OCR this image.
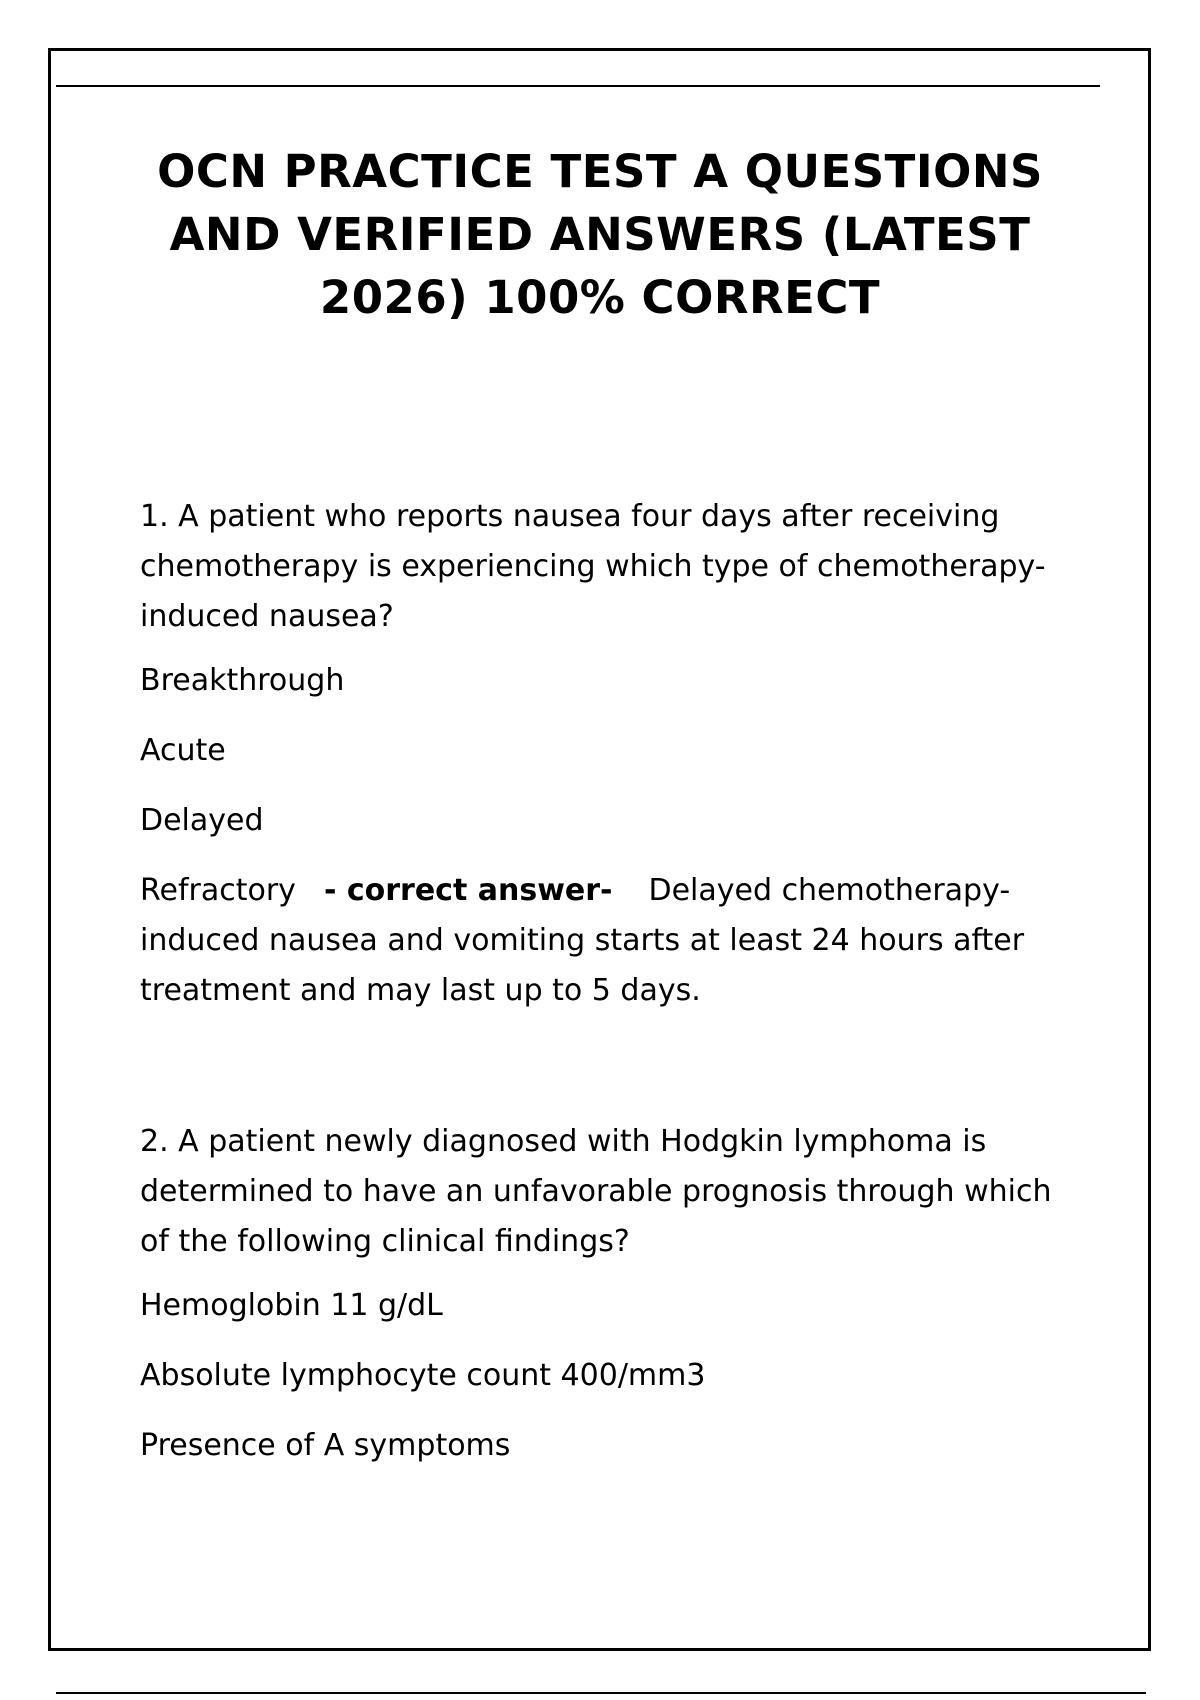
OCN PRACTICE TEST A QUESTIONS AND VERIFIED ANSWERS (LATEST 2026) 100% CORRECT

1. A patient who reports nausea four days after receiving chemotherapy is experiencing which type of chemotherapy-induced nausea?

Breakthrough

Acute

Delayed

Refractory - correct answer- Delayed chemotherapy-induced nausea and vomiting starts at least 24 hours after treatment and may last up to 5 days.

2. A patient newly diagnosed with Hodgkin lymphoma is determined to have an unfavorable prognosis through which of the following clinical findings?

Hemoglobin 11 g/dL

Absolute lymphocyte count 400/mm3

Presence of A symptoms
